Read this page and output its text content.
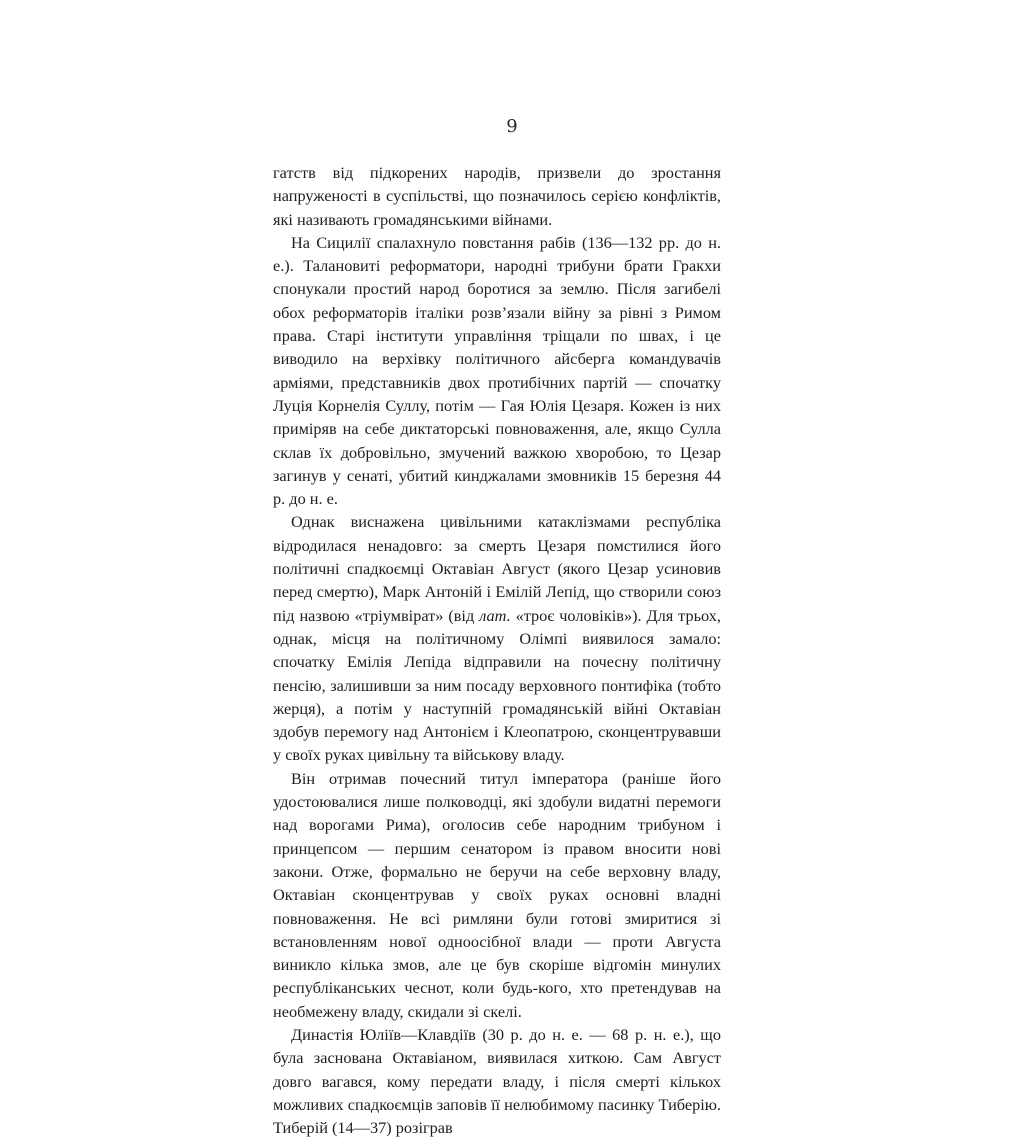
9

гатств від підкорених народів, призвели до зростання напруженості в суспільстві, що позначилось серією конфліктів, які називають громадянськими війнами.

На Сицилії спалахнуло повстання рабів (136—132 рр. до н. е.). Талановиті реформатори, народні трибуни брати Гракхи спонукали простий народ боротися за землю. Після загибелі обох реформаторів італіки розв’язали війну за рівні з Римом права. Старі інститути управління тріщали по швах, і це виводило на верхівку політичного айсберга командувачів арміями, представників двох протибічних партій — спочатку Луція Корнелія Суллу, потім — Гая Юлія Цезаря. Кожен із них приміряв на себе диктаторські повноваження, але, якщо Сулла склав їх добровільно, змучений важкою хворобою, то Цезар загинув у сенаті, убитий кинджалами змовників 15 березня 44 р. до н. е.

Однак виснажена цивільними катаклізмами республіка відродилася ненадовго: за смерть Цезаря помстилися його політичні спадкоємці Октавіан Август (якого Цезар усиновив перед смертю), Марк Антоній і Емілій Лепід, що створили союз під назвою «тріумвірат» (від лат. «троє чоловіків»). Для трьох, однак, місця на політичному Олімпі виявилося замало: спочатку Емілія Лепіда відправили на почесну політичну пенсію, залишивши за ним посаду верховного понтифіка (тобто жерця), а потім у наступній громадянській війні Октавіан здобув перемогу над Антонієм і Клеопатрою, сконцентрувавши у своїх руках цивільну та військову владу.

Він отримав почесний титул імператора (раніше його удостоювалися лише полководці, які здобули видатні перемоги над ворогами Рима), оголосив себе народним трибуном і принцепсом — першим сенатором із правом вносити нові закони. Отже, формально не беручи на себе верховну владу, Октавіан сконцентрував у своїх руках основні владні повноваження. Не всі римляни були готові змиритися зі встановленням нової одноосібної влади — проти Августа виникло кілька змов, але це був скоріше відгомін минулих республіканських чеснот, коли будь-кого, хто претендував на необмежену владу, скидали зі скелі.

Династія Юліїв—Клавдіїв (30 р. до н. е. — 68 р. н. е.), що була заснована Октавіаном, виявилася хиткою. Сам Август довго вагався, кому передати владу, і після смерті кількох можливих спадкоємців заповів її нелюбимому пасинку Тиберію. Тиберій (14—37) розіграв
